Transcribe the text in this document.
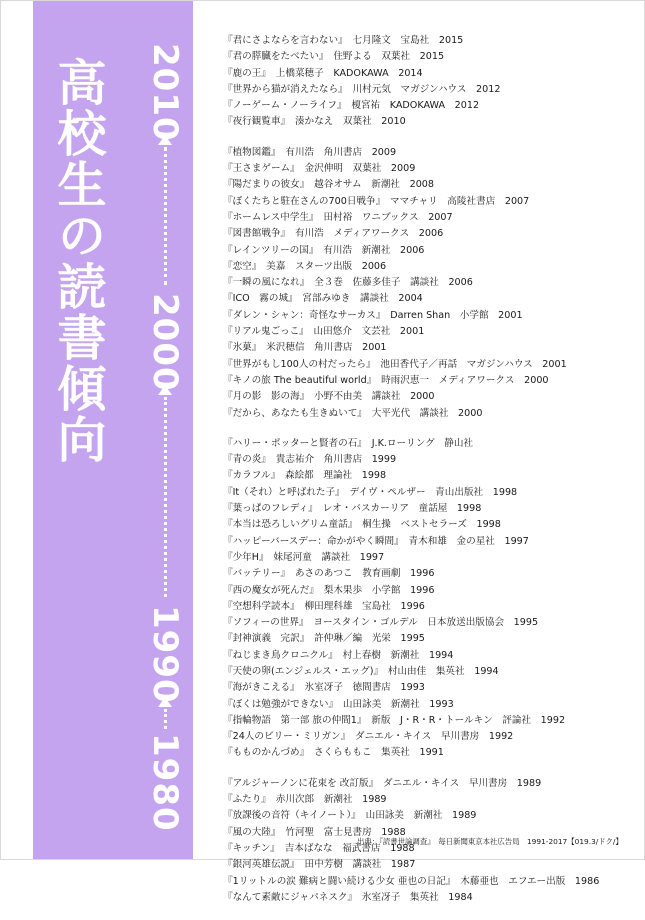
高校生の読書傾向 2010
2000
1990
1980
『君にさよならを言わない』　七月隆文　宝島社　2015
『君の膵臓をたべたい』　住野よる　双葉社　2015
『鹿の王』　上橋菜穂子　KADOKAWA　2014
『世界から猫が消えたなら』　川村元気　マガジンハウス　2012
『ノーゲーム・ノーライフ』　榎宮祐　KADOKAWA　2012
『夜行観覧車』　湊かなえ　双葉社　2010
『植物図鑑』　有川浩　角川書店　2009
『王さまゲーム』　金沢伸明　双葉社　2009
『陽だまりの彼女』　越谷オサム　新潮社　2008
『ぼくたちと駐在さんの700日戦争』　ママチャリ　高陵社書店　2007
『ホームレス中学生』　田村裕　ワニブックス　2007
『図書館戦争』　有川浩　メディアワークス　2006
『レインツリーの国』　有川浩　新潮社　2006
『恋空』　美嘉　スターツ出版　2006
『一瞬の風になれ』　全３巻　佐藤多佳子　講談社　2006
『ICO　霧の城』　宮部みゆき　講談社　2004
『ダレン・シャン：奇怪なサーカス』　Darren Shan　小学館　2001
『リアル鬼ごっこ』　山田悠介　文芸社　2001
『氷菓』　米沢穂信　角川書店　2001
『世界がもし100人の村だったら』　池田香代子／再話　マガジンハウス　2001
『キノの旅 The beautiful world』　時雨沢恵一　メディアワークス　2000
『月の影　影の海』　小野不由美　講談社　2000
『だから、あなたも生きぬいて』　大平光代　講談社　2000
『ハリー・ポッターと賢者の石』　J.K.ローリング　静山社
『青の炎』　貴志祐介　角川書店　1999
『カラフル』　森絵都　理論社　1998
『It（それ）と呼ばれた子』　デイヴ・ペルザー　青山出版社　1998
『葉っぱのフレディ』　レオ・バスカーリア　童話屋　1998
『本当は恐ろしいグリム童話』　桐生操　ベストセラーズ　1998
『ハッピーバースデー：命かがやく瞬間』　青木和雄　金の星社　1997
『少年H』　妹尾河童　講談社　1997
『バッテリー』　あさのあつこ　教育画劇　1996
『西の魔女が死んだ』　梨木果歩　小学館　1996
『空想科学読本』　柳田理科雄　宝島社　1996
『ソフィーの世界』　ヨースタイン・ゴルデル　日本放送出版協会　1995
『封神演義　完訳』　許仲琳／編　光栄　1995
『ねじまき鳥クロニクル』　村上春樹　新潮社　1994
『天使の卵(エンジェルス・エッグ)』　村山由佳　集英社　1994
『海がきこえる』　氷室冴子　徳間書店　1993
『ぼくは勉強ができない』　山田詠美　新潮社　1993
『指輪物語　第一部 旅の仲間1』　新版　J・R・R・トールキン　評論社　1992
『24人のビリー・ミリガン』　ダニエル・キイス　早川書房　1992
『もものかんづめ』　さくらももこ　集英社　1991
『アルジャーノンに花束を 改訂版』　ダニエル・キイス　早川書房　1989
『ふたり』　赤川次郎　新潮社　1989
『放課後の音符（キイノート）』　山田詠美　新潮社　1989
『風の大陸』　竹河聖　富士見書房　1988
『キッチン』　吉本ばなな　福武書店　1988
『銀河英雄伝説』　田中芳樹　講談社　1987
『1リットルの涙 難病と闘い続ける少女 亜也の日記』　木藤亜也　エフエー出版　1986
『なんて素敵にジャパネスク』　氷室冴子　集英社　1984
出典：『読書世論調査』　毎日新聞東京本社広告局　1991-2017【019.3/ドク/】
